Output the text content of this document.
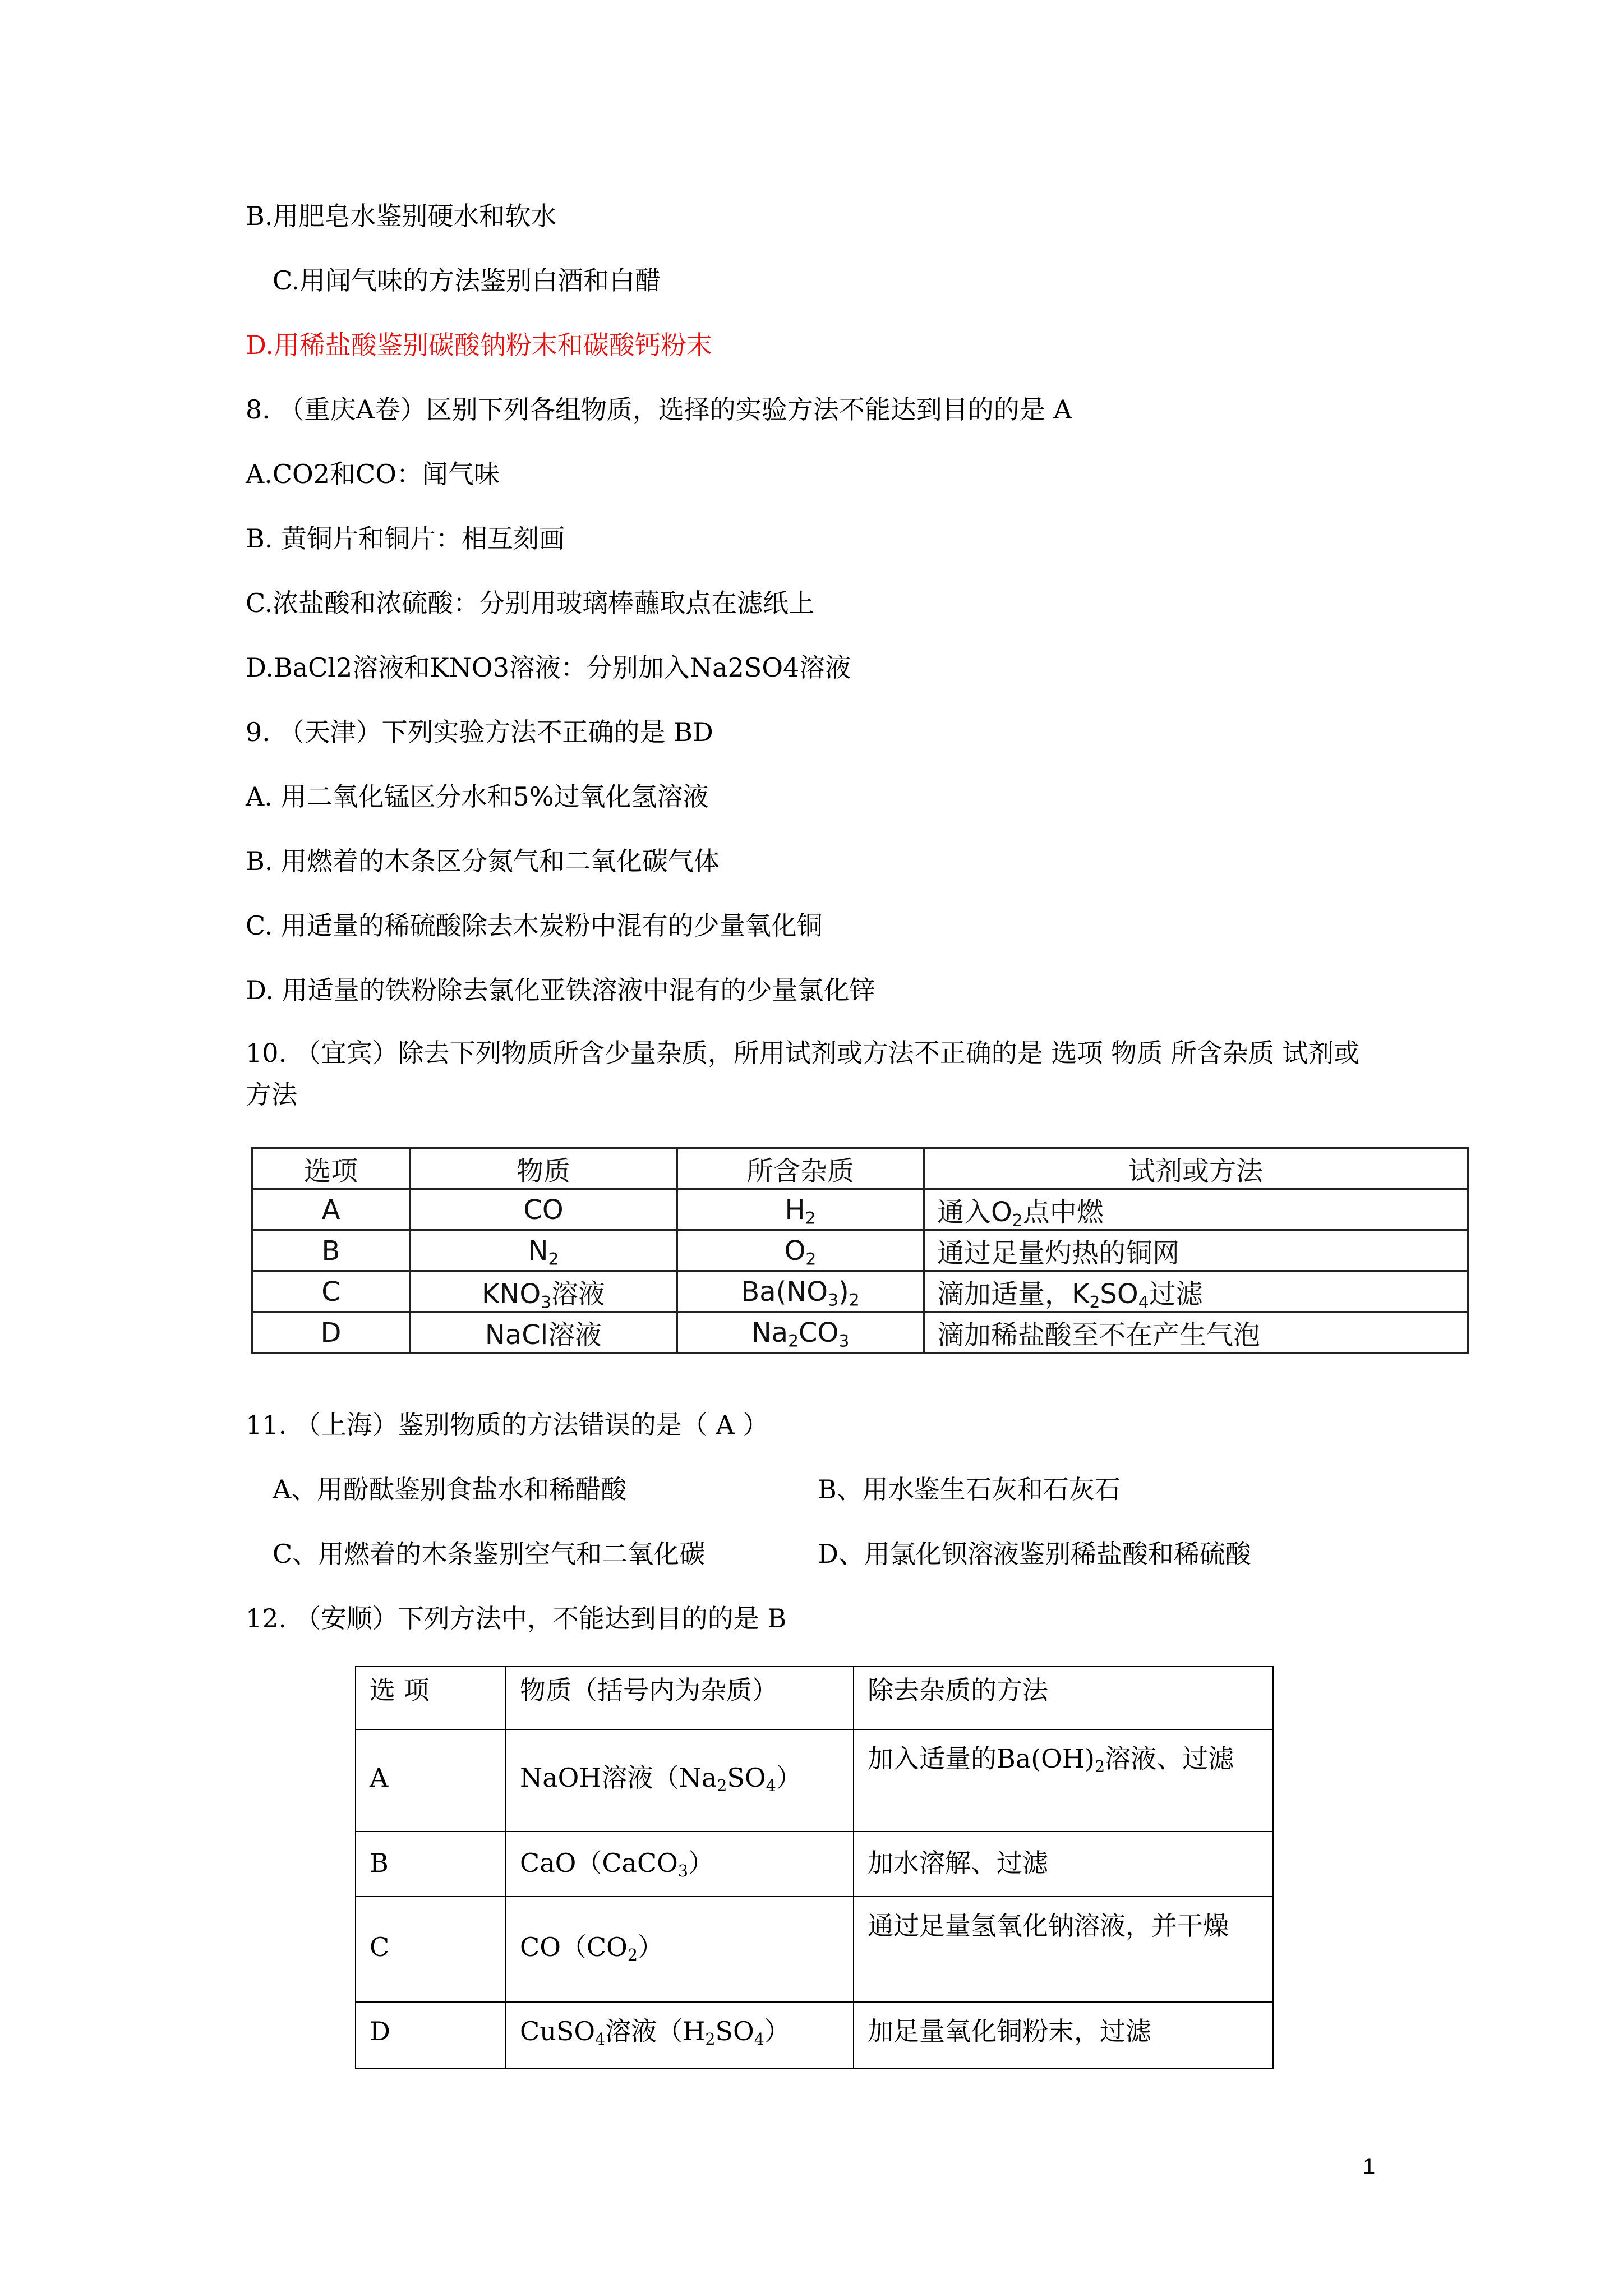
B.用肥皂水鉴别硬水和软水
C.用闻气味的方法鉴别白酒和白醋
D.用稀盐酸鉴别碳酸钠粉末和碳酸钙粉末
8. （重庆A卷）区别下列各组物质，选择的实验方法不能达到目的的是 A
A.CO2和CO：闻气味
B. 黄铜片和铜片：相互刻画
C.浓盐酸和浓硫酸：分别用玻璃棒蘸取点在滤纸上
D.BaCl2溶液和KNO3溶液：分别加入Na2SO4溶液
9. （天津）下列实验方法不正确的是 BD
A. 用二氧化锰区分水和5%过氧化氢溶液
B. 用燃着的木条区分氮气和二氧化碳气体
C. 用适量的稀硫酸除去木炭粉中混有的少量氧化铜
D. 用适量的铁粉除去氯化亚铁溶液中混有的少量氯化锌
10. （宜宾）除去下列物质所含少量杂质，所用试剂或方法不正确的是 选项 物质 所含杂质 试剂或方法
选项	物质	所含杂质	试剂或方法
A	CO	$H_2$	通入$O_2$点中燃
B	$N_2$	$O_2$	通过足量灼热的铜网
C	$KNO_3$溶液	$Ba(NO_3)_2$	滴加适量，$K_2SO_4$过滤
D	NaCl溶液	$Na_2CO_3$	滴加稀盐酸至不在产生气泡
11. （上海）鉴别物质的方法错误的是（ A ）
A、用酚酞鉴别食盐水和稀醋酸	B、用水鉴生石灰和石灰石
C、用燃着的木条鉴别空气和二氧化碳	D、用氯化钡溶液鉴别稀盐酸和稀硫酸
12. （安顺）下列方法中，不能达到目的的是 B
选 项	物质（括号内为杂质）	除去杂质的方法
A	NaOH溶液$(Na_2SO_4)$	加入适量的$Ba(OH)_2$溶液、过滤
B	CaO（CaCO$_3$）	加水溶解、过滤
C	$CO(CO_2)$	通过足量氢氧化钠溶液，并干燥
D	CuSO$_4$溶液$(H_2SO_4)$	加足量氧化铜粉末，过滤
1
